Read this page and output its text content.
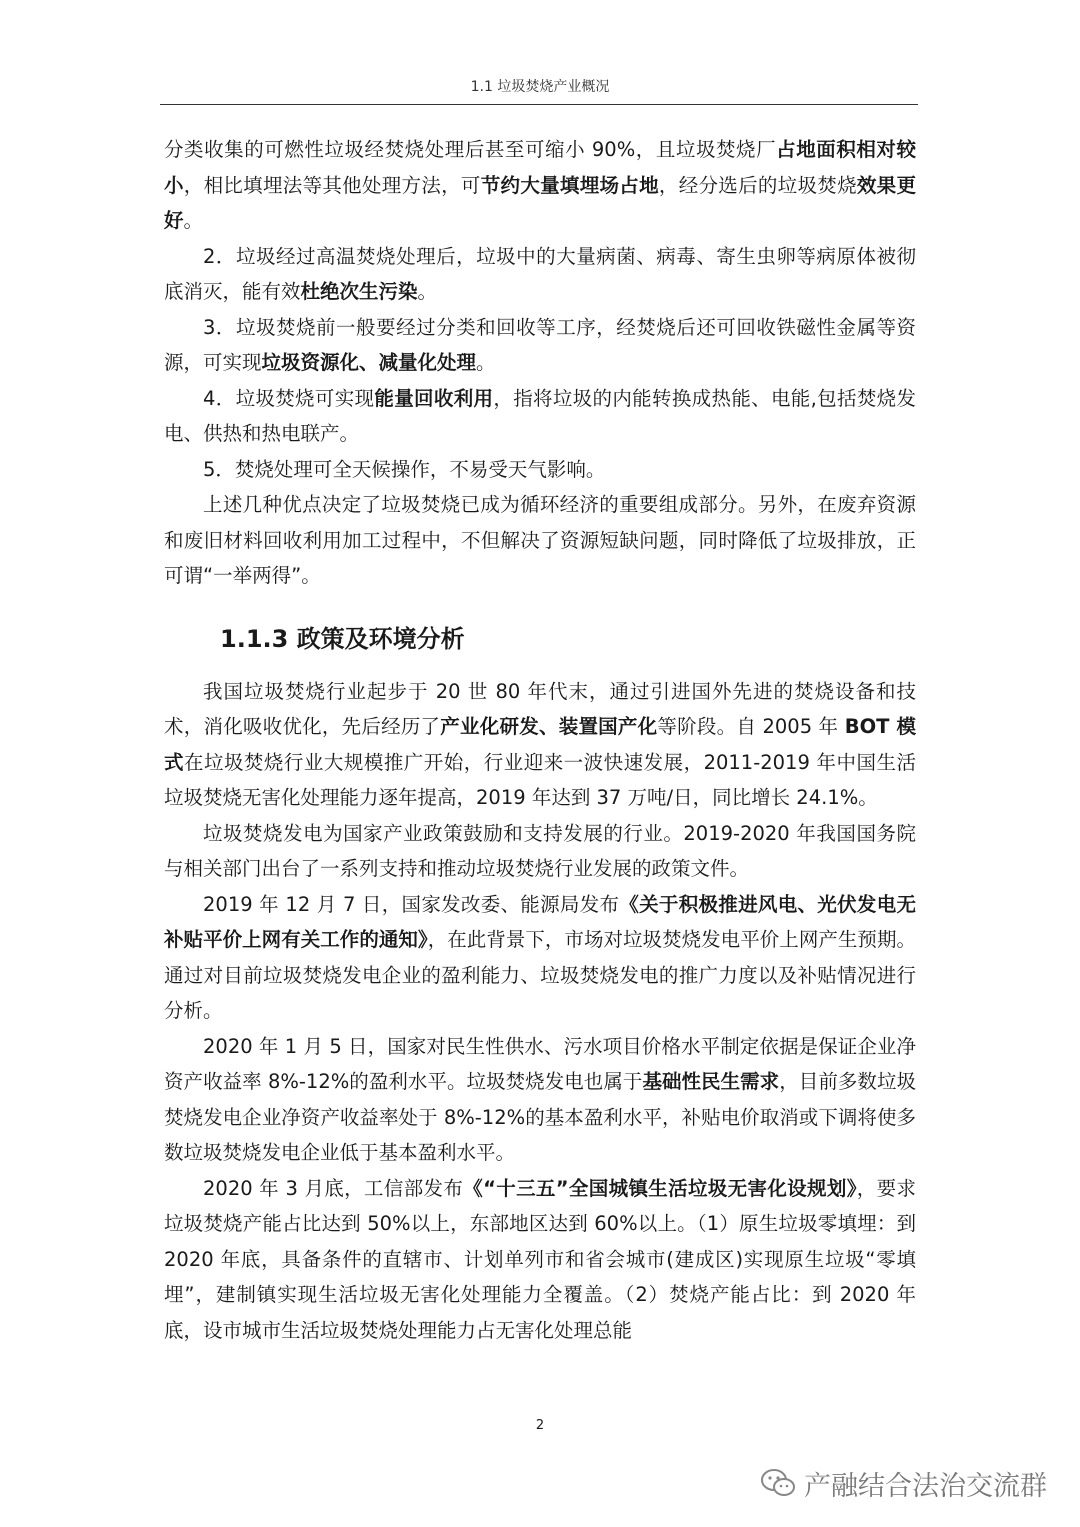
1.1 垃圾焚烧产业概况

分类收集的可燃性垃圾经焚烧处理后甚至可缩小 90%，且垃圾焚烧厂占地面积相对较小，相比填埋法等其他处理方法，可节约大量填埋场占地，经分选后的垃圾焚烧效果更好。

2．垃圾经过高温焚烧处理后，垃圾中的大量病菌、病毒、寄生虫卵等病原体被彻底消灭，能有效杜绝次生污染。

3．垃圾焚烧前一般要经过分类和回收等工序，经焚烧后还可回收铁磁性金属等资源，可实现垃圾资源化、减量化处理。

4．垃圾焚烧可实现能量回收利用，指将垃圾的内能转换成热能、电能,包括焚烧发电、供热和热电联产。

5．焚烧处理可全天候操作，不易受天气影响。

上述几种优点决定了垃圾焚烧已成为循环经济的重要组成部分。另外，在废弃资源和废旧材料回收利用加工过程中，不但解决了资源短缺问题，同时降低了垃圾排放，正可谓“一举两得”。

1.1.3 政策及环境分析

我国垃圾焚烧行业起步于 20 世 80 年代末，通过引进国外先进的焚烧设备和技术，消化吸收优化，先后经历了产业化研发、装置国产化等阶段。自 2005 年 BOT 模式在垃圾焚烧行业大规模推广开始，行业迎来一波快速发展，2011-2019 年中国生活垃圾焚烧无害化处理能力逐年提高，2019 年达到 37 万吨/日，同比增长 24.1%。

垃圾焚烧发电为国家产业政策鼓励和支持发展的行业。2019-2020 年我国国务院与相关部门出台了一系列支持和推动垃圾焚烧行业发展的政策文件。

2019 年 12 月 7 日，国家发改委、能源局发布《关于积极推进风电、光伏发电无补贴平价上网有关工作的通知》，在此背景下，市场对垃圾焚烧发电平价上网产生预期。通过对目前垃圾焚烧发电企业的盈利能力、垃圾焚烧发电的推广力度以及补贴情况进行分析。

2020 年 1 月 5 日，国家对民生性供水、污水项目价格水平制定依据是保证企业净资产收益率 8%-12%的盈利水平。垃圾焚烧发电也属于基础性民生需求，目前多数垃圾焚烧发电企业净资产收益率处于 8%-12%的基本盈利水平，补贴电价取消或下调将使多数垃圾焚烧发电企业低于基本盈利水平。

2020 年 3 月底，工信部发布《“十三五”全国城镇生活垃圾无害化设规划》，要求垃圾焚烧产能占比达到 50%以上，东部地区达到 60%以上。（1）原生垃圾零填埋：到 2020 年底，具备条件的直辖市、计划单列市和省会城市(建成区)实现原生垃圾“零填埋”，建制镇实现生活垃圾无害化处理能力全覆盖。（2）焚烧产能占比：到 2020 年底，设市城市生活垃圾焚烧处理能力占无害化处理总能

2
产融结合法治交流群
